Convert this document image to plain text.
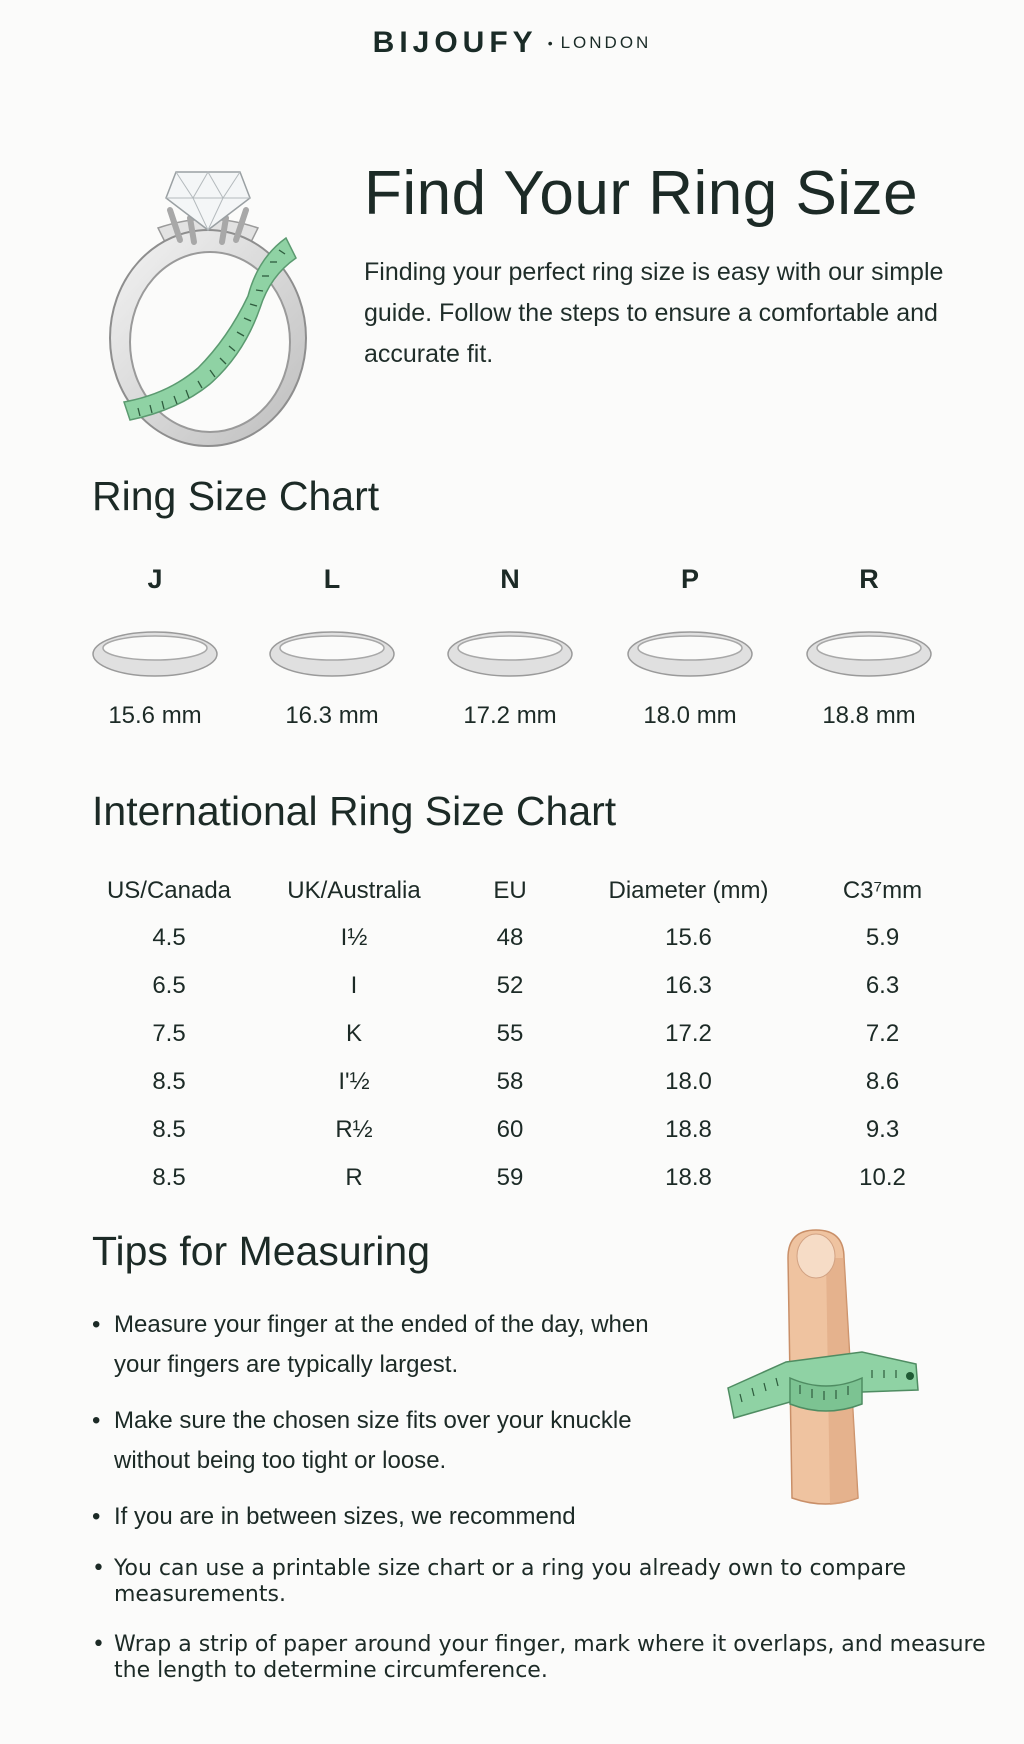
BIJOUFY • LONDON
Find Your Ring Size

Finding your perfect ring size is easy with our simple guide. Follow the steps to ensure a comfortable and accurate fit.

Ring Size Chart
J
15.6 mm
L
16.3 mm
N
17.2 mm
P
18.0 mm
R
18.8 mm
International Ring Size Chart
US/Canada	UK/Australia	EU	Diameter (mm)	C3⁷mm
4.5	I½	48	15.6	5.9
6.5	I	52	16.3	6.3
7.5	K	55	17.2	7.2
8.5	I'½	58	18.0	8.6
8.5	R½	60	18.8	9.3
8.5	R	59	18.8	10.2
Tips for Measuring
• Measure your finger at the ended of the day, when your fingers are typically largest.
• Make sure the chosen size fits over your knuckle without being too tight or loose.
• If you are in between sizes, we recommend
• You can use a printable size chart or a ring you already own to compare measurements.
• Wrap a strip of paper around your finger, mark where it overlaps, and measure the length to determine circumference.
